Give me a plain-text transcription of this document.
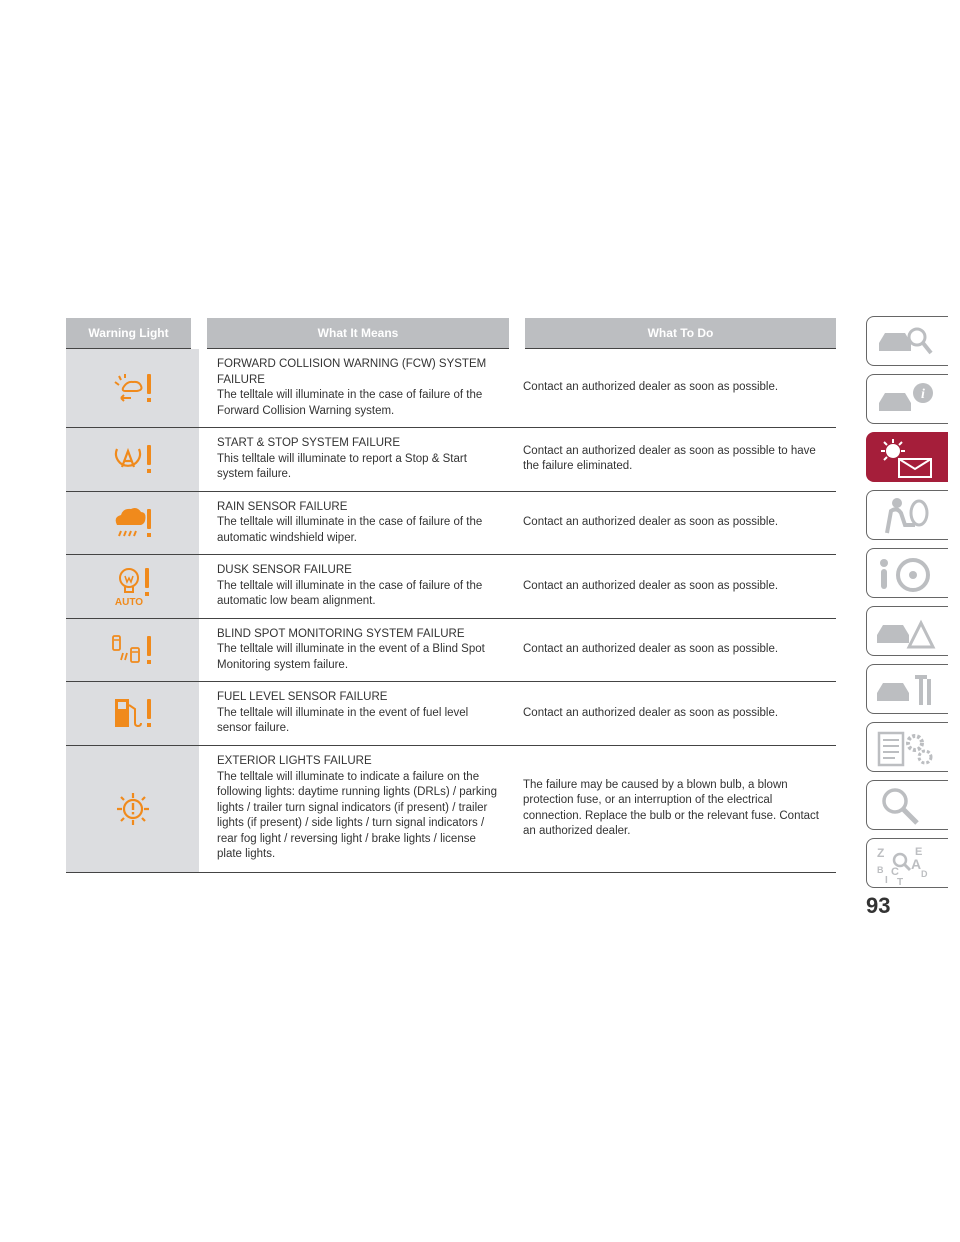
Warning Light	What It Means	What To Do

FORWARD COLLISION WARNING (FCW) SYSTEM FAILURE
The telltale will illuminate in the case of failure of the Forward Collision Warning system.	Contact an authorized dealer as soon as possible.

START & STOP SYSTEM FAILURE
This telltale will illuminate to report a Stop & Start system failure.	Contact an authorized dealer as soon as possible to have the failure eliminated.

RAIN SENSOR FAILURE
The telltale will illuminate in the case of failure of the automatic windshield wiper.	Contact an authorized dealer as soon as possible.

AUTO	DUSK SENSOR FAILURE
The telltale will illuminate in the case of failure of the automatic low beam alignment.	Contact an authorized dealer as soon as possible.

BLIND SPOT MONITORING SYSTEM FAILURE
The telltale will illuminate in the event of a Blind Spot Monitoring system failure.	Contact an authorized dealer as soon as possible.

FUEL LEVEL SENSOR FAILURE
The telltale will illuminate in the event of fuel level sensor failure.	Contact an authorized dealer as soon as possible.

EXTERIOR LIGHTS FAILURE
The telltale will illuminate to indicate a failure on the following lights: daytime running lights (DRLs) / parking lights / trailer turn signal indicators (if present) / trailer lights (if present) / side lights / turn signal indicators / rear fog light / reversing light / brake lights / license plate lights.	The failure may be caused by a blown bulb, a blown protection fuse, or an interruption of the electrical connection. Replace the bulb or the relevant fuse. Contact an authorized dealer.
i
Z	E
A
B C D
T
I
93
